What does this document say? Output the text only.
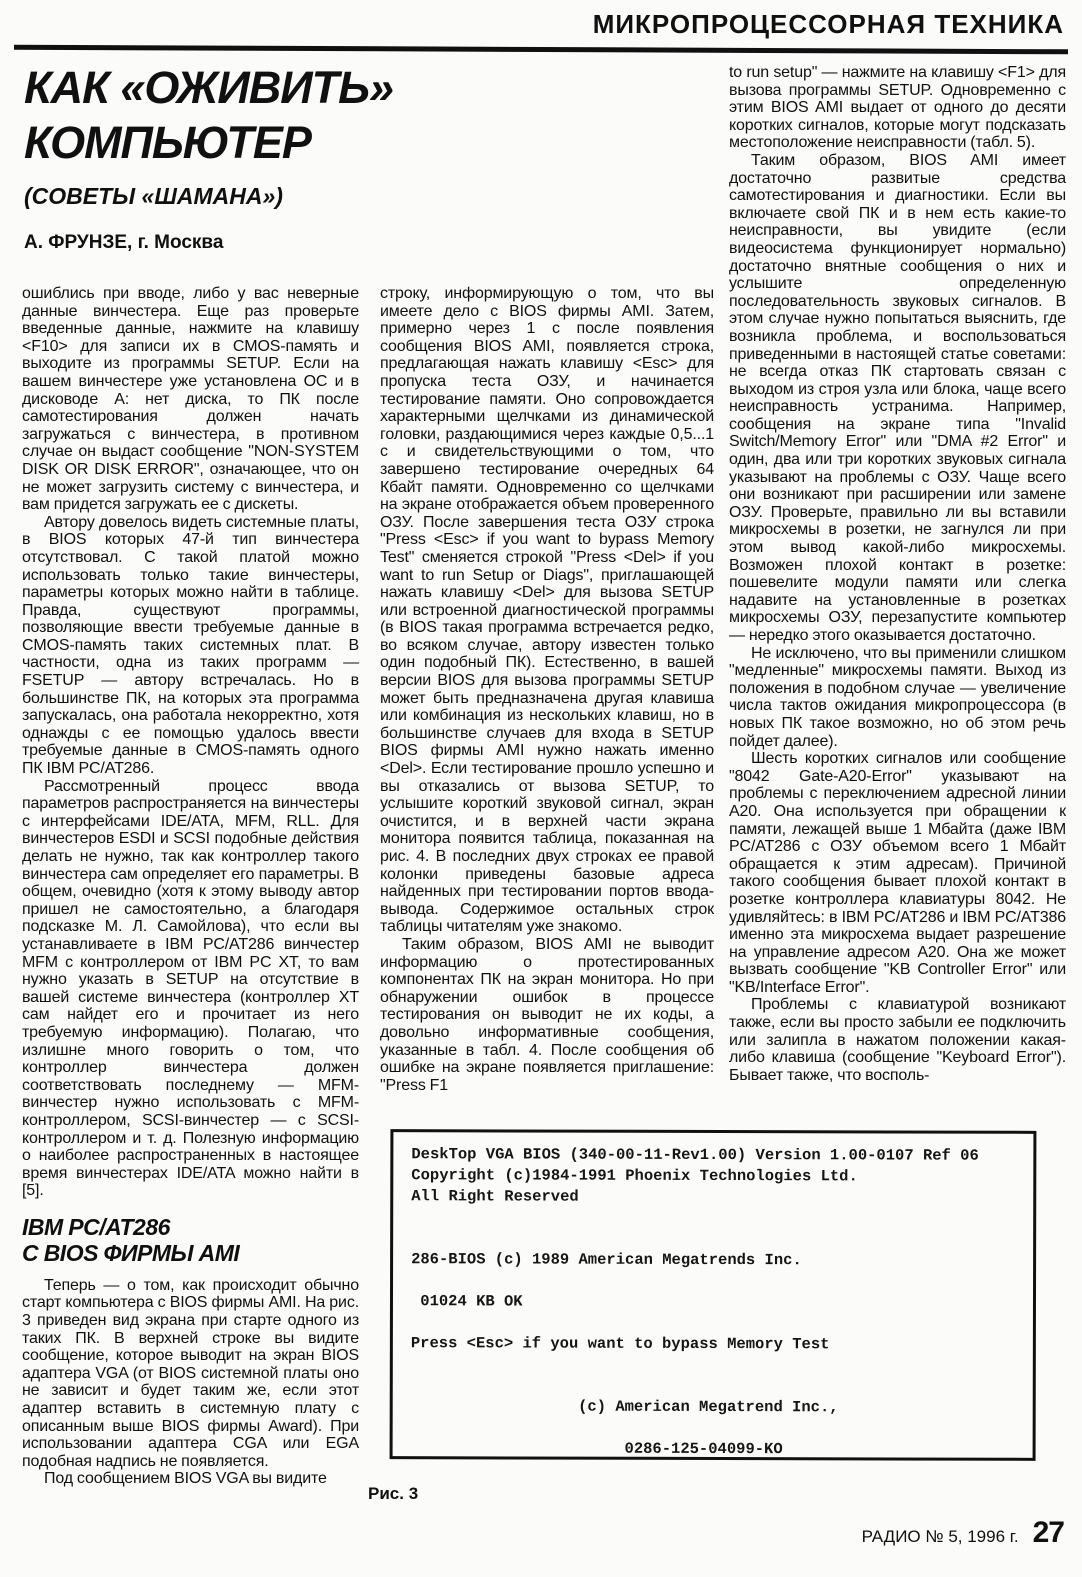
МИКРОПРОЦЕССОРНАЯ ТЕХНИКА
КАК «ОЖИВИТЬ»
КОМПЬЮТЕР
(СОВЕТЫ «ШАМАНА»)
А. ФРУНЗЕ, г. Москва

ошиблись при вводе, либо у вас неверные данные винчестера. Еще раз проверьте введенные данные, нажмите на клавишу <F10> для записи их в CMOS-память и выходите из программы SETUP. Если на вашем винчестере уже установлена ОС и в дисководе А: нет диска, то ПК после самотестирования должен начать загружаться с винчестера, в противном случае он выдаст сообщение "NON-SYSTEM DISK OR DISK ERROR", означающее, что он не может загрузить систему с винчестера, и вам придется загружать ее с дискеты.

Автору довелось видеть системные платы, в BIOS которых 47-й тип винчестера отсутствовал. С такой платой можно использовать только такие винчестеры, параметры которых можно найти в таблице. Правда, существуют программы, позволяющие ввести требуемые данные в CMOS-память таких системных плат. В частности, одна из таких программ — FSETUP — автору встречалась. Но в большинстве ПК, на которых эта программа запускалась, она работала некорректно, хотя однажды с ее помощью удалось ввести требуемые данные в CMOS-память одного ПК IBM PC/AT286.

Рассмотренный процесс ввода параметров распространяется на винчестеры с интерфейсами IDE/ATA, MFM, RLL. Для винчестеров ESDI и SCSI подобные действия делать не нужно, так как контроллер такого винчестера сам определяет его параметры. В общем, очевидно (хотя к этому выводу автор пришел не самостоятельно, а благодаря подсказке М. Л. Самойлова), что если вы устанавливаете в IBM PC/AT286 винчестер MFM с контроллером от IBM PC XT, то вам нужно указать в SETUP на отсутствие в вашей системе винчестера (контроллер XT сам найдет его и прочитает из него требуемую информацию). Полагаю, что излишне много говорить о том, что контроллер винчестера должен соответствовать последнему — MFM-винчестер нужно использовать с MFM-контроллером, SCSI-винчестер — с SCSI-контроллером и т. д. Полезную информацию о наиболее распространенных в настоящее время винчестерах IDE/ATA можно найти в [5].

IBM PC/AT286
С BIOS ФИРМЫ AMI

Теперь — о том, как происходит обычно старт компьютера с BIOS фирмы AMI. На рис. 3 приведен вид экрана при старте одного из таких ПК. В верхней строке вы видите сообщение, которое выводит на экран BIOS адаптера VGA (от BIOS системной платы оно не зависит и будет таким же, если этот адаптер вставить в системную плату с описанным выше BIOS фирмы Award). При использовании адаптера CGA или EGA подобная надпись не появляется.

Под сообщением BIOS VGA вы видите

строку, информирующую о том, что вы имеете дело с BIOS фирмы AMI. Затем, примерно через 1 с после появления сообщения BIOS AMI, появляется строка, предлагающая нажать клавишу <Esc> для пропуска теста ОЗУ, и начинается тестирование памяти. Оно сопровождается характерными щелчками из динамической головки, раздающимися через каждые 0,5...1 с и свидетельствующими о том, что завершено тестирование очередных 64 Кбайт памяти. Одновременно со щелчками на экране отображается объем проверенного ОЗУ. После завершения теста ОЗУ строка "Press <Esc> if you want to bypass Memory Test" сменяется строкой "Press <Del> if you want to run Setup or Diags", приглашающей нажать клавишу <Del> для вызова SETUP или встроенной диагностической программы (в BIOS такая программа встречается редко, во всяком случае, автору известен только один подобный ПК). Естественно, в вашей версии BIOS для вызова программы SETUP может быть предназначена другая клавиша или комбинация из нескольких клавиш, но в большинстве случаев для входа в SETUP BIOS фирмы AMI нужно нажать именно <Del>. Если тестирование прошло успешно и вы отказались от вызова SETUP, то услышите короткий звуковой сигнал, экран очистится, и в верхней части экрана монитора появится таблица, показанная на рис. 4. В последних двух строках ее правой колонки приведены базовые адреса найденных при тестировании портов ввода-вывода. Содержимое остальных строк таблицы читателям уже знакомо.

Таким образом, BIOS AMI не выводит информацию о протестированных компонентах ПК на экран монитора. Но при обнаружении ошибок в процессе тестирования он выводит не их коды, а довольно информативные сообщения, указанные в табл. 4. После сообщения об ошибке на экране появляется приглашение: "Press F1

to run setup" — нажмите на клавишу <F1> для вызова программы SETUP. Одновременно с этим BIOS AMI выдает от одного до десяти коротких сигналов, которые могут подсказать местоположение неисправности (табл. 5).

Таким образом, BIOS AMI имеет достаточно развитые средства самотестирования и диагностики. Если вы включаете свой ПК и в нем есть какие-то неисправности, вы увидите (если видеосистема функционирует нормально) достаточно внятные сообщения о них и услышите определенную последовательность звуковых сигналов. В этом случае нужно попытаться выяснить, где возникла проблема, и воспользоваться приведенными в настоящей статье советами: не всегда отказ ПК стартовать связан с выходом из строя узла или блока, чаще всего неисправность устранима. Например, сообщения на экране типа "Invalid Switch/Memory Error" или "DMA #2 Error" и один, два или три коротких звуковых сигнала указывают на проблемы с ОЗУ. Чаще всего они возникают при расширении или замене ОЗУ. Проверьте, правильно ли вы вставили микросхемы в розетки, не загнулся ли при этом вывод какой-либо микросхемы. Возможен плохой контакт в розетке: пошевелите модули памяти или слегка надавите на установленные в розетках микросхемы ОЗУ, перезапустите компьютер — нередко этого оказывается достаточно.

Не исключено, что вы применили слишком "медленные" микросхемы памяти. Выход из положения в подобном случае — увеличение числа тактов ожидания микропроцессора (в новых ПК такое возможно, но об этом речь пойдет далее).

Шесть коротких сигналов или сообщение "8042 Gate-A20-Error" указывают на проблемы с переключением адресной линии A20. Она используется при обращении к памяти, лежащей выше 1 Мбайта (даже IBM PC/AT286 с ОЗУ объемом всего 1 Мбайт обращается к этим адресам). Причиной такого сообщения бывает плохой контакт в розетке контроллера клавиатуры 8042. Не удивляйтесь: в IBM PC/AT286 и IBM PC/AT386 именно эта микросхема выдает разрешение на управление адресом A20. Она же может вызвать сообщение "KB Controller Error" или "KB/Interface Error".

Проблемы с клавиатурой возникают также, если вы просто забыли ее подключить или залипла в нажатом положении какая-либо клавиша (сообщение "Keyboard Error"). Бывает также, что восполь-

DeskTop VGA BIOS (340-00-11-Rev1.00) Version 1.00-0107 Ref 06
Copyright (c)1984-1991 Phoenix Technologies Ltd.
All Right Reserved

286-BIOS (c) 1989 American Megatrends Inc.

01024 KB OK

Press <Esc> if you want to bypass Memory Test

(c) American Megatrend Inc.,

0286-125-04099-KO
Рис. 3
РАДИО № 5, 1996 г. 27
